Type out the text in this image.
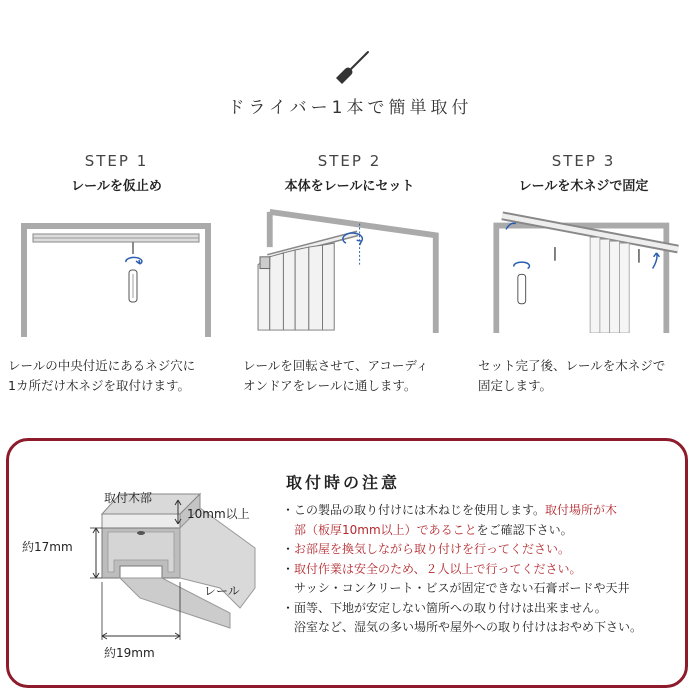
ドライバー1本で簡単取付
STEP 1
レールを仮止め
レールの中央付近にあるネジ穴に
1カ所だけ木ネジを取付けます。
STEP 2
本体をレールにセット
レールを回転させて、アコーディ
オンドアをレールに通します。
STEP 3
レールを木ネジで固定
セット完了後、レールを木ネジで
固定します。
取付木部
10mm以上
約17mm
レール
約19mm
取付時の注意
・この製品の取り付けには木ねじを使用します。取付場所が木
部（板厚10mm以上）であることをご確認下さい。
・お部屋を換気しながら取り付けを行ってください。
・取付作業は安全のため、２人以上で行ってください。
サッシ・コンクリート・ビスが固定できない石膏ボードや天井
・面等、下地が安定しない箇所への取り付けは出来ません。
浴室など、湿気の多い場所や屋外への取り付けはおやめ下さい。
